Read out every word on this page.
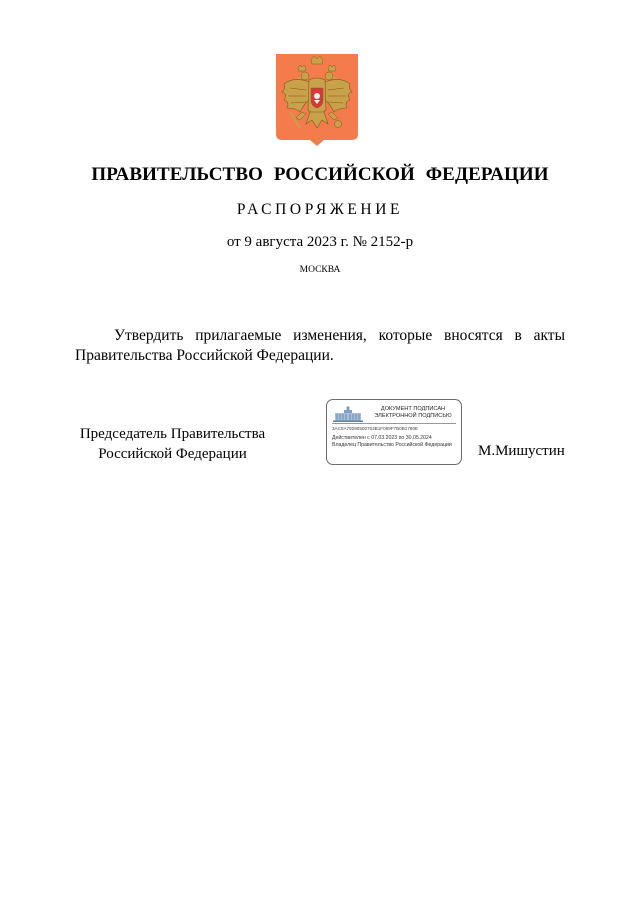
ПРАВИТЕЛЬСТВО РОССИЙСКОЙ ФЕДЕРАЦИИ
РАСПОРЯЖЕНИЕ
от 9 августа 2023 г. № 2152-р
МОСКВА
Утвердить прилагаемые изменения, которые вносятся в акты
Правительства Российской Федерации.
Председатель Правительства
Российской Федерации
ДОКУМЕНТ ПОДПИСАН
ЭЛЕКТРОННОЙ ПОДПИСЬЮ
3AC0A79290500763B1F069F7B0B1780E
Действителен с 07.03.2023 по 30.05.2024
Владелец Правительство Российской Федерации	М.Мишустин
